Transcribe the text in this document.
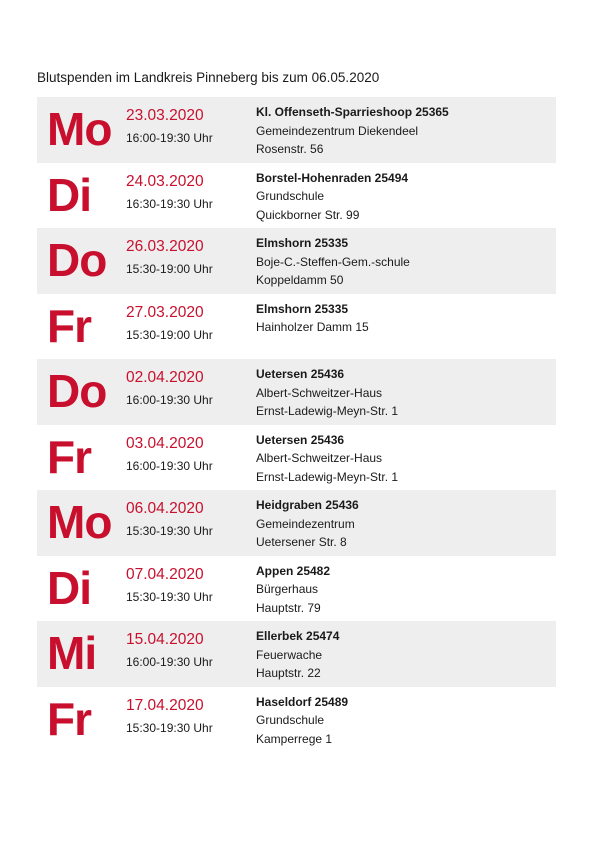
Blutspenden im Landkreis Pinneberg bis zum 06.05.2020
Mo 23.03.2020
16:00-19:30 Uhr
Kl. Offenseth-Sparrieshoop 25365
Gemeindezentrum Diekendeel
Rosenstr. 56
Di 24.03.2020
16:30-19:30 Uhr
Borstel-Hohenraden 25494
Grundschule
Quickborner Str. 99
Do 26.03.2020
15:30-19:00 Uhr
Elmshorn 25335
Boje-C.-Steffen-Gem.-schule
Koppeldamm 50
Fr 27.03.2020
15:30-19:00 Uhr
Elmshorn 25335
Hainholzer Damm 15
Do 02.04.2020
16:00-19:30 Uhr
Uetersen 25436
Albert-Schweitzer-Haus
Ernst-Ladewig-Meyn-Str. 1
Fr 03.04.2020
16:00-19:30 Uhr
Uetersen 25436
Albert-Schweitzer-Haus
Ernst-Ladewig-Meyn-Str. 1
Mo 06.04.2020
15:30-19:30 Uhr
Heidgraben 25436
Gemeindezentrum
Uetersener Str. 8
Di 07.04.2020
15:30-19:30 Uhr
Appen 25482
Bürgerhaus
Hauptstr. 79
Mi 15.04.2020
16:00-19:30 Uhr
Ellerbek 25474
Feuerwache
Hauptstr. 22
Fr 17.04.2020
15:30-19:30 Uhr
Haseldorf 25489
Grundschule
Kamperrege 1
